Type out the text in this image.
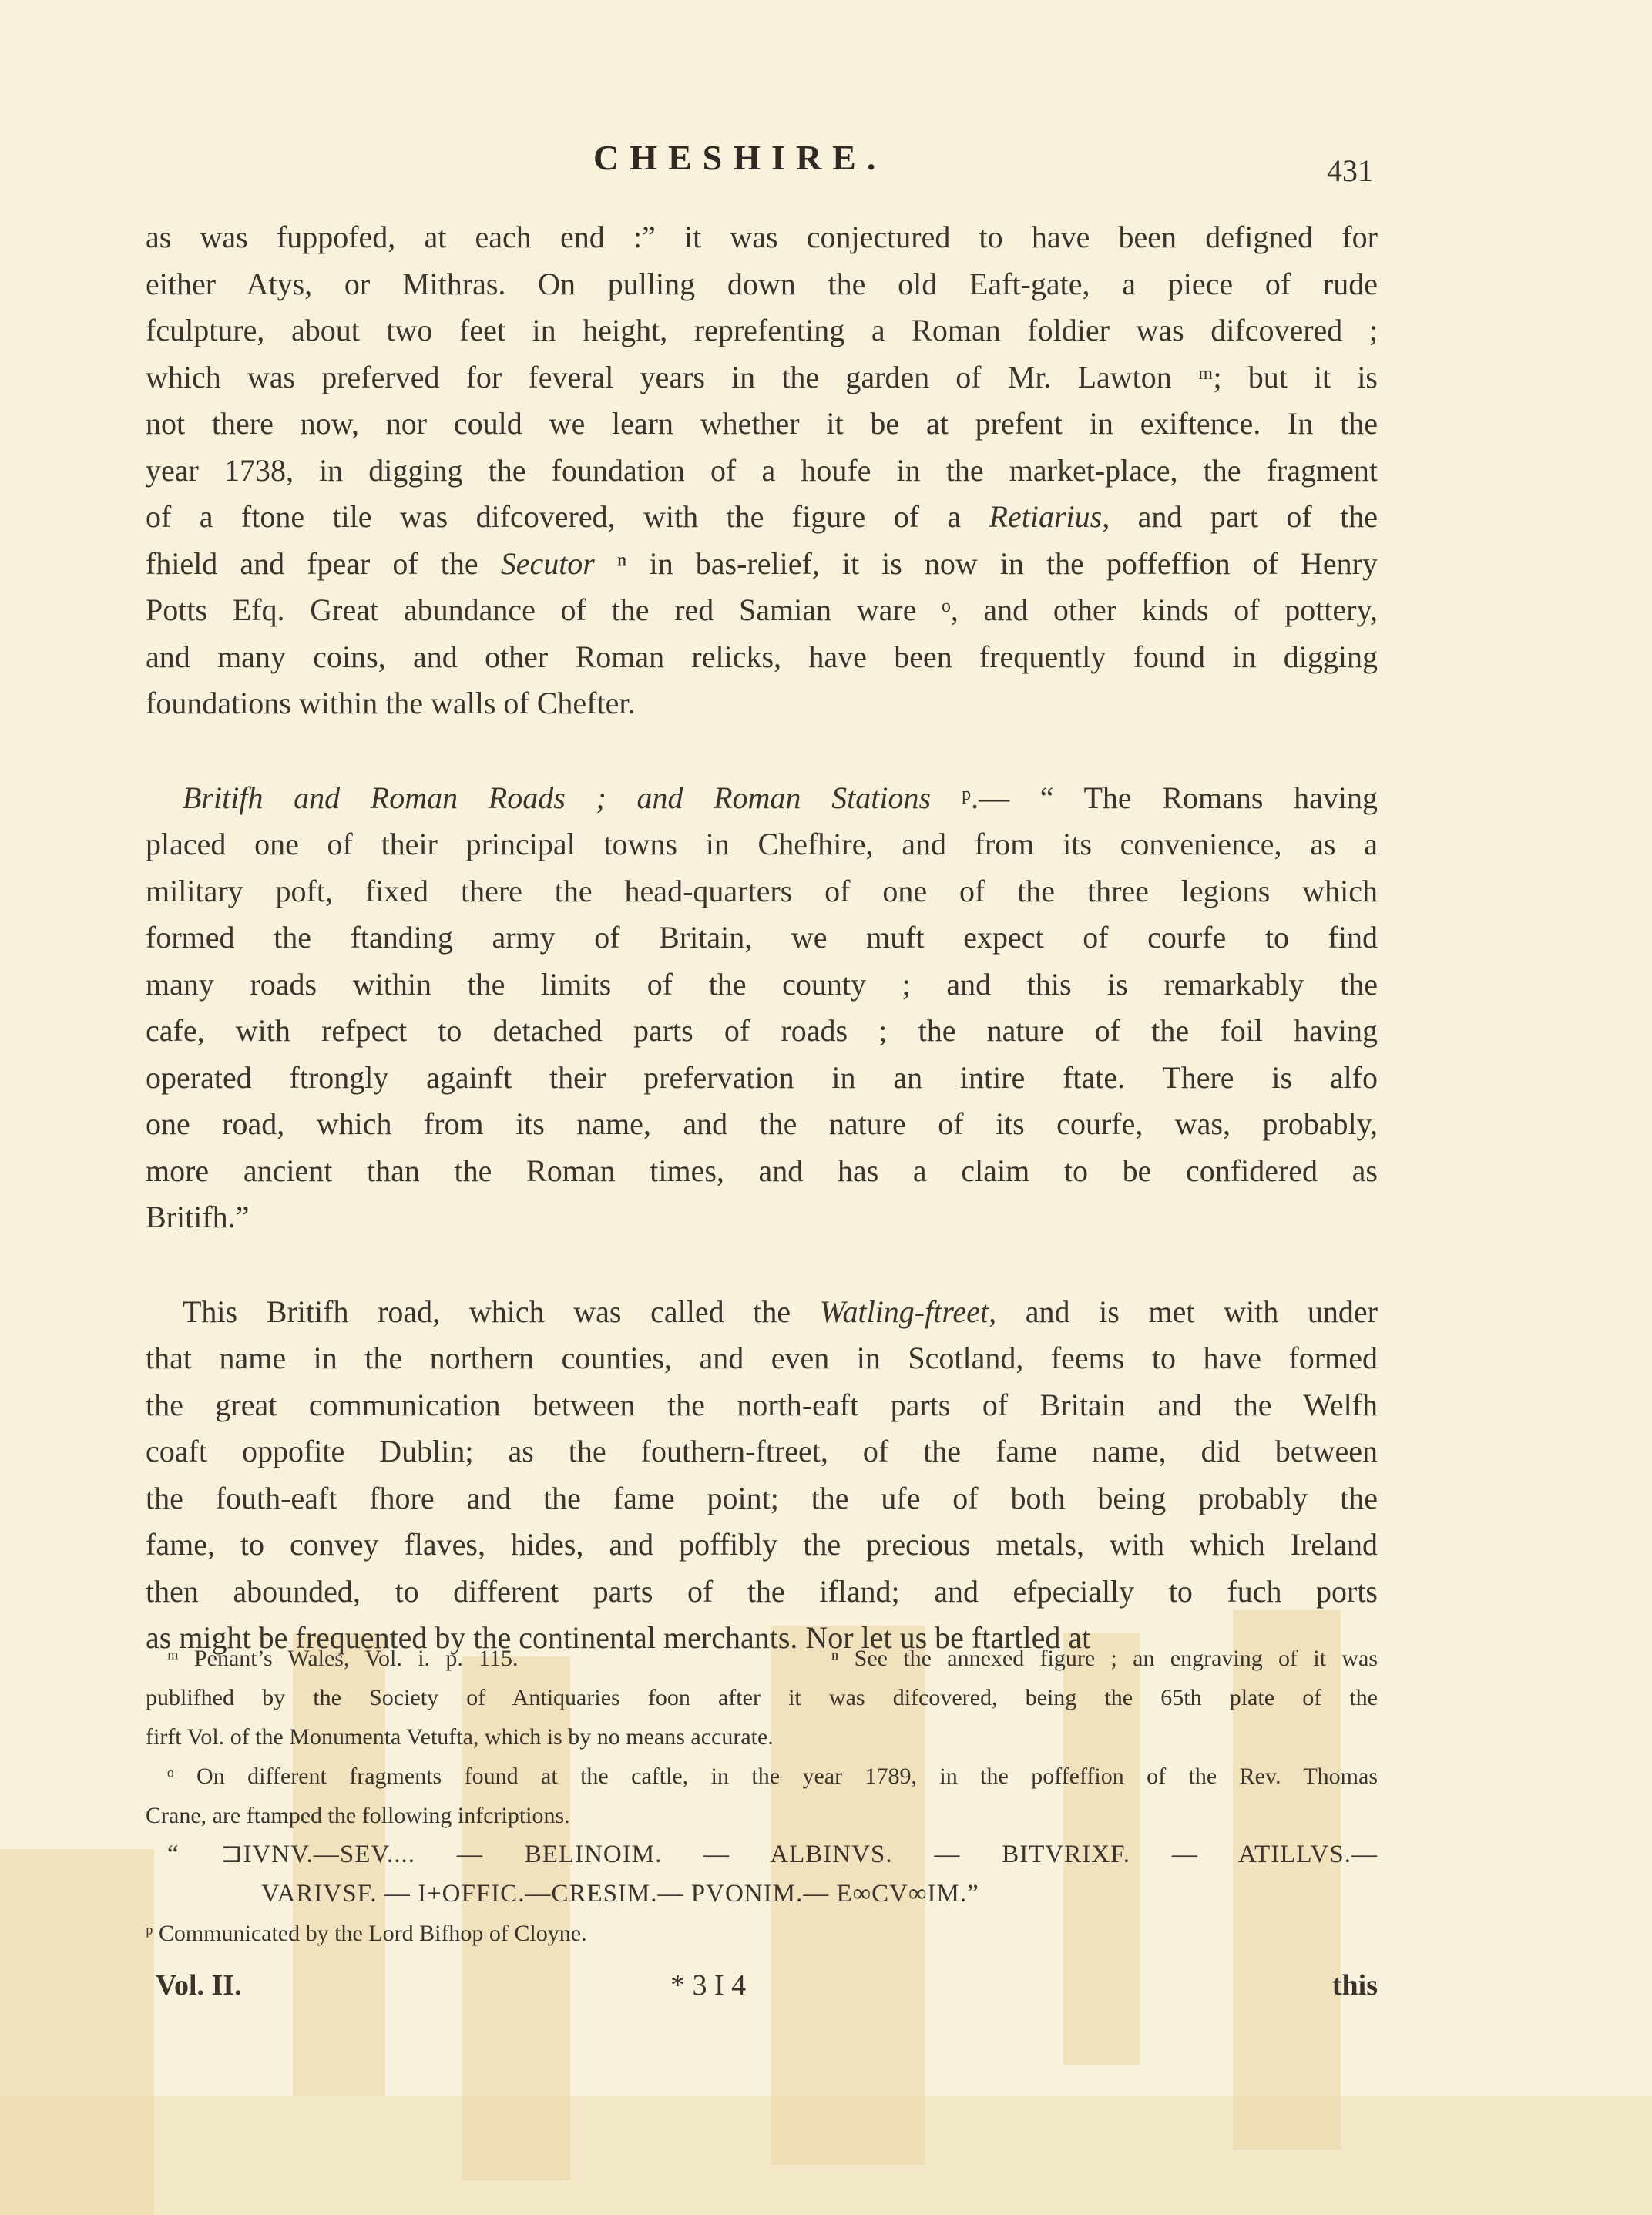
CHESHIRE.	431
as was fuppofed, at each end :” it was conjectured to have been defigned for
either Atys, or Mithras. On pulling down the old Eaft-gate, a piece of rude
fculpture, about two feet in height, reprefenting a Roman foldier was difcovered ;
which was preferved for feveral years in the garden of Mr. Lawton ᵐ; but it is
not there now, nor could we learn whether it be at prefent in exiftence. In the
year 1738, in digging the foundation of a houfe in the market-place, the fragment
of a ftone tile was difcovered, with the figure of a Retiarius, and part of the
fhield and fpear of the Secutor ⁿ in bas-relief, it is now in the poffeffion of Henry
Potts Efq. Great abundance of the red Samian ware ᵒ, and other kinds of pottery,
and many coins, and other Roman relicks, have been frequently found in digging
foundations within the walls of Chefter.
Britifh and Roman Roads ; and Roman Stations ᵖ.— “ The Romans having
placed one of their principal towns in Chefhire, and from its convenience, as a
military poft, fixed there the head-quarters of one of the three legions which
formed the ftanding army of Britain, we muft expect of courfe to find
many roads within the limits of the county ; and this is remarkably the
cafe, with refpect to detached parts of roads ; the nature of the foil having
operated ftrongly againft their prefervation in an intire ftate. There is alfo
one road, which from its name, and the nature of its courfe, was, probably,
more ancient than the Roman times, and has a claim to be confidered as
Britifh.”
This Britifh road, which was called the Watling-ftreet, and is met with under
that name in the northern counties, and even in Scotland, feems to have formed
the great communication between the north-eaft parts of Britain and the Welfh
coaft oppofite Dublin; as the fouthern-ftreet, of the fame name, did between
the fouth-eaft fhore and the fame point; the ufe of both being probably the
fame, to convey flaves, hides, and poffibly the precious metals, with which Ireland
then abounded, to different parts of the ifland; and efpecially to fuch ports
as might be frequented by the continental merchants. Nor let us be ftartled at
ᵐ Penant’s Wales, Vol. i. p. 115.                    ⁿ See the annexed figure ; an engraving of it was
publifhed by the Society of Antiquaries foon after it was difcovered, being the 65th plate of the
firft Vol. of the Monumenta Vetufta, which is by no means accurate.
ᵒ On different fragments found at the caftle, in the year 1789, in the poffeffion of the Rev. Thomas
Crane, are ftamped the following infcriptions.
“ ⊐IVNV.—SEV.... — BELINOIM. — ALBINVS. — BITVRIXF. — ATILLVS.—
VARIVSF. — I+OFFIC.—CRESIM.— PVONIM.— E∞CV∞IM.”
ᵖ Communicated by the Lord Bifhop of Cloyne.
Vol. II.	* 3 I 4	this
